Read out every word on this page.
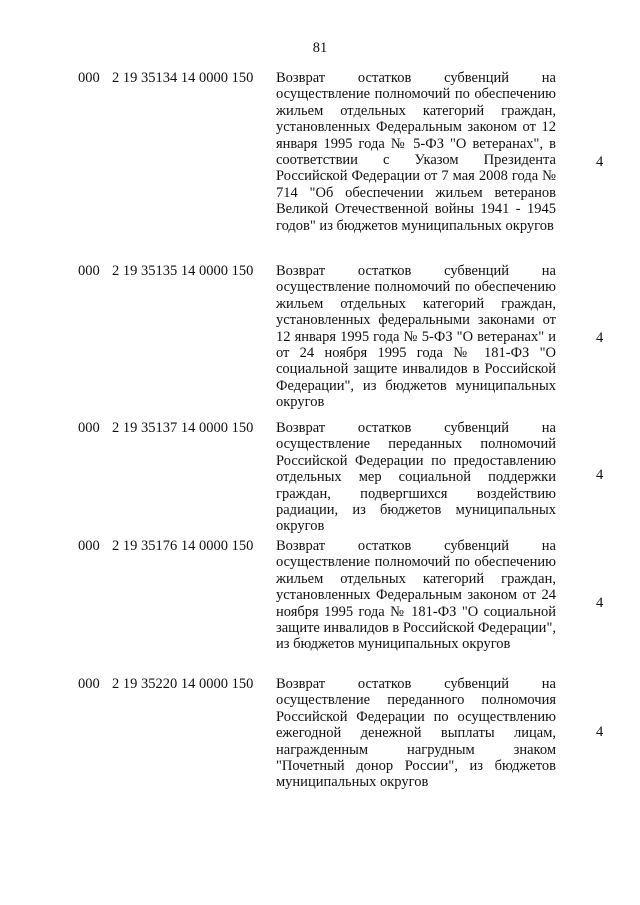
81
000 2 19 35134 14 0000 150	Возврат остатков субвенций на осуществление полномочий по обеспечению жильем отдельных категорий граждан, установленных Федеральным законом от 12 января 1995 года № 5-ФЗ "О ветеранах", в соответствии с Указом Президента Российской Федерации от 7 мая 2008 года № 714 "Об обеспечении жильем ветеранов Великой Отечественной войны 1941 - 1945 годов" из бюджетов муниципальных округов
4
000 2 19 35135 14 0000 150	Возврат остатков субвенций на осуществление полномочий по обеспечению жильем отдельных категорий граждан, установленных федеральными законами от 12 января 1995 года № 5-ФЗ "О ветеранах" и от 24 ноября 1995 года № 181-ФЗ "О социальной защите инвалидов в Российской Федерации", из бюджетов муниципальных округов
4
000 2 19 35137 14 0000 150	Возврат остатков субвенций на осуществление переданных полномочий Российской Федерации по предоставлению отдельных мер социальной поддержки граждан, подвергшихся воздействию радиации, из бюджетов муниципальных округов
4
000 2 19 35176 14 0000 150	Возврат остатков субвенций на осуществление полномочий по обеспечению жильем отдельных категорий граждан, установленных Федеральным законом от 24 ноября 1995 года № 181-ФЗ "О социальной защите инвалидов в Российской Федерации", из бюджетов муниципальных округов
4
000 2 19 35220 14 0000 150	Возврат остатков субвенций на осуществление переданного полномочия Российской Федерации по осуществлению ежегодной денежной выплаты лицам, награжденным нагрудным знаком "Почетный донор России", из бюджетов муниципальных округов
4
